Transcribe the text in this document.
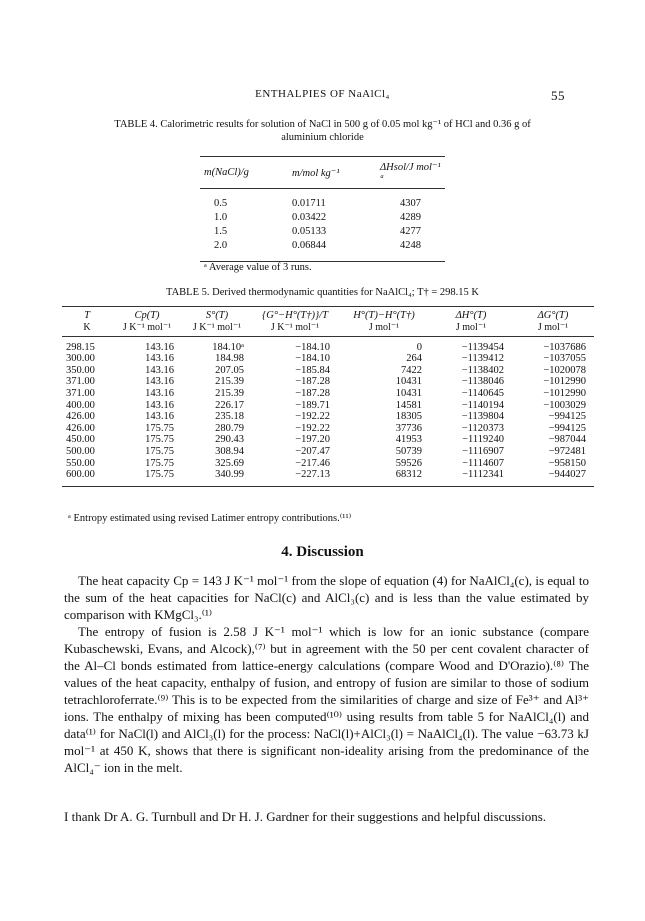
ENTHALPIES OF NaAlCl₄	55
TABLE 4. Calorimetric results for solution of NaCl in 500 g of 0.05 mol kg⁻¹ of HCl and 0.36 g of
aluminium chloride
m(NaCl)/g	m/mol kg⁻¹	ΔHsol/J mol⁻¹ ᵃ

0.5	0.01711	4307
1.0	0.03422	4289
1.5	0.05133	4277
2.0	0.06844	4248

ᵃ Average value of 3 runs.
TABLE 5. Derived thermodynamic quantities for NaAlCl₄; T† = 298.15 K
T	Cp(T)	S°(T)	{G°−H°(T†)}/T	H°(T)−H°(T†)	ΔH°(T)	ΔG°(T)
K	J K⁻¹ mol⁻¹	J K⁻¹ mol⁻¹	J K⁻¹ mol⁻¹	J mol⁻¹	J mol⁻¹	J mol⁻¹

298.15	143.16	184.10ᵃ	−184.10	0	−1139454	−1037686
300.00	143.16	184.98	−184.10	264	−1139412	−1037055
350.00	143.16	207.05	−185.84	7422	−1138402	−1020078
371.00	143.16	215.39	−187.28	10431	−1138046	−1012990
371.00	143.16	215.39	−187.28	10431	−1140645	−1012990
400.00	143.16	226.17	−189.71	14581	−1140194	−1003029
426.00	143.16	235.18	−192.22	18305	−1139804	−994125
426.00	175.75	280.79	−192.22	37736	−1120373	−994125
450.00	175.75	290.43	−197.20	41953	−1119240	−987044
500.00	175.75	308.94	−207.47	50739	−1116907	−972481
550.00	175.75	325.69	−217.46	59526	−1114607	−958150
600.00	175.75	340.99	−227.13	68312	−1112341	−944027

ᵃ Entropy estimated using revised Latimer entropy contributions.⁽¹¹⁾
4. Discussion

The heat capacity Cp = 143 J K⁻¹ mol⁻¹ from the slope of equation (4) for NaAlCl₄(c), is equal to the sum of the heat capacities for NaCl(c) and AlCl₃(c) and is less than the value estimated by comparison with KMgCl₃.⁽¹⁾

The entropy of fusion is 2.58 J K⁻¹ mol⁻¹ which is low for an ionic substance (compare Kubaschewski, Evans, and Alcock),⁽⁷⁾ but in agreement with the 50 per cent covalent character of the Al–Cl bonds estimated from lattice-energy calculations (compare Wood and D'Orazio).⁽⁸⁾ The values of the heat capacity, enthalpy of fusion, and entropy of fusion are similar to those of sodium tetrachloroferrate.⁽⁹⁾ This is to be expected from the similarities of charge and size of Fe³⁺ and Al³⁺ ions. The enthalpy of mixing has been computed⁽¹⁰⁾ using results from table 5 for NaAlCl₄(l) and data⁽¹⁾ for NaCl(l) and AlCl₃(l) for the process: NaCl(l)+AlCl₃(l) = NaAlCl₄(l). The value −63.73 kJ mol⁻¹ at 450 K, shows that there is significant non-ideality arising from the predominance of the AlCl₄⁻ ion in the melt.

I thank Dr A. G. Turnbull and Dr H. J. Gardner for their suggestions and helpful discussions.
